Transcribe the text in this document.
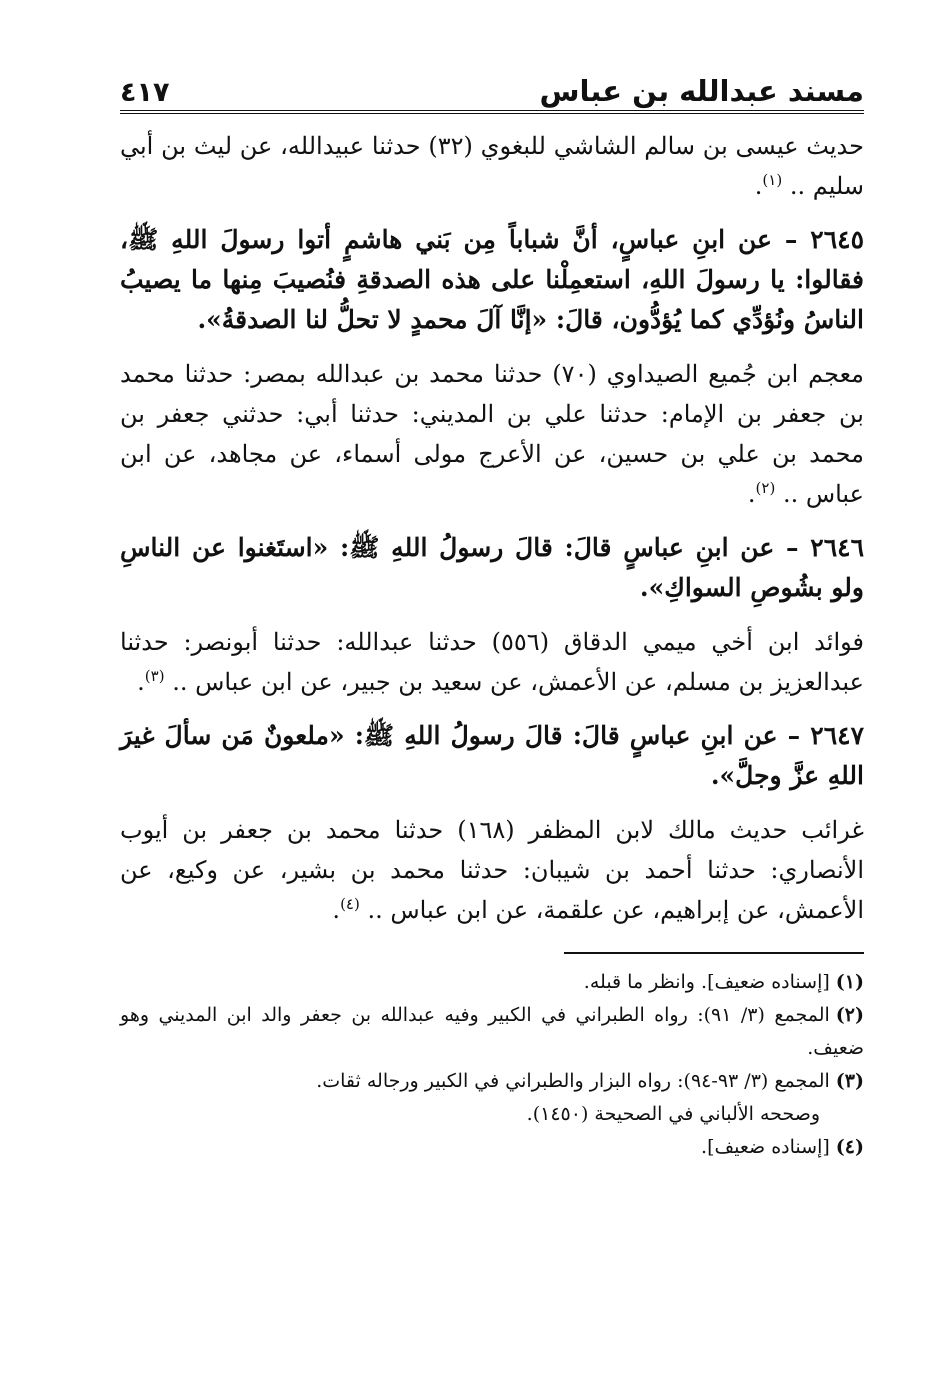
مسند عبدالله بن عباس
٤١٧

حديث عيسى بن سالم الشاشي للبغوي (٣٢) حدثنا عبيدالله، عن ليث بن أبي سليم .. $^{(١)}$.

٢٦٤٥ – عن ابنِ عباسٍ، أنَّ شباباً مِن بَني هاشمٍ أتوا رسولَ اللهِ ﷺ، فقالوا: يا رسولَ اللهِ، استعمِلْنا على هذه الصدقةِ فنُصيبَ مِنها ما يصيبُ الناسُ ونُؤدِّي كما يُؤدُّون، قالَ: «إنَّا آلَ محمدٍ لا تحلُّ لنا الصدقةُ».

معجم ابن جُميع الصيداوي (٧٠) حدثنا محمد بن عبدالله بمصر: حدثنا محمد بن جعفر بن الإمام: حدثنا علي بن المديني: حدثنا أبي: حدثني جعفر بن محمد بن علي بن حسين، عن الأعرج مولى أسماء، عن مجاهد، عن ابن عباس .. $^{(٢)}$.

٢٦٤٦ – عن ابنِ عباسٍ قالَ: قالَ رسولُ اللهِ ﷺ: «استَغنوا عن الناسِ ولو بشُوصِ السواكِ».

فوائد ابن أخي ميمي الدقاق (٥٥٦) حدثنا عبدالله: حدثنا أبونصر: حدثنا عبدالعزيز بن مسلم، عن الأعمش، عن سعيد بن جبير، عن ابن عباس .. $^{(٣)}$.

٢٦٤٧ – عن ابنِ عباسٍ قالَ: قالَ رسولُ اللهِ ﷺ: «ملعونٌ مَن سألَ غيرَ اللهِ عزَّ وجلَّ».

غرائب حديث مالك لابن المظفر (١٦٨) حدثنا محمد بن جعفر بن أيوب الأنصاري: حدثنا أحمد بن شيبان: حدثنا محمد بن بشير، عن وكيع، عن الأعمش، عن إبراهيم، عن علقمة، عن ابن عباس .. $^{(٤)}$.

(١)[إسناده ضعيف]. وانظر ما قبله.

(٢)المجمع (٣/ ٩١): رواه الطبراني في الكبير وفيه عبدالله بن جعفر والد ابن المديني وهو ضعيف.

(٣)المجمع (٣/ ٩٣-٩٤): رواه البزار والطبراني في الكبير ورجاله ثقات.

وصححه الألباني في الصحيحة (١٤٥٠).

(٤)[إسناده ضعيف].
